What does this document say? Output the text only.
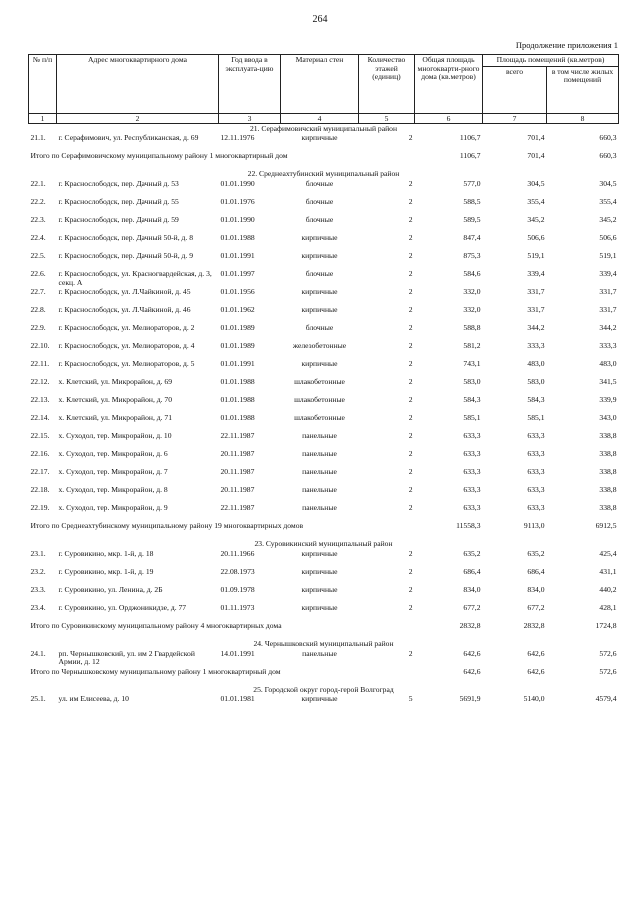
264
Продолжение приложения 1
№ п/п	Адрес многоквартирного дома	Год ввода в эксплуата-цию	Материал стен	Количество этажей (единиц)	Общая площадь многокварти-рного дома (кв.метров)	Площадь помещений (кв.метров)	
						всего	в том числе жилых помещений
1	2	3	4	5	6	7	8
21. Серафимовичский муниципальный район							
21.1.	г. Серафимович, ул. Республиканская, д. 69	12.11.1976	кирпичные	2	1106,7	701,4	660,3
Итого по Серафимовичскому муниципальному району 1 многоквартирный дом					1106,7	701,4	660,3
22. Среднеахтубинский муниципальный район							
22.1.	г. Краснослободск, пер. Дачный д. 53	01.01.1990	блочные	2	577,0	304,5	304,5
22.2.	г. Краснослободск, пер. Дачный д. 55	01.01.1976	блочные	2	588,5	355,4	355,4
22.3.	г. Краснослободск, пер. Дачный д. 59	01.01.1990	блочные	2	589,5	345,2	345,2
22.4.	г. Краснослободск, пер. Дачный 50-й, д. 8	01.01.1988	кирпичные	2	847,4	506,6	506,6
22.5.	г. Краснослободск, пер. Дачный 50-й, д. 9	01.01.1991	кирпичные	2	875,3	519,1	519,1
22.6.	г. Краснослободск, ул. Красногвардейская, д. 3, секц. А	01.01.1997	блочные	2	584,6	339,4	339,4
22.7.	г. Краснослободск, ул. Л.Чайкиной, д. 45	01.01.1956	кирпичные	2	332,0	331,7	331,7
22.8.	г. Краснослободск, ул. Л.Чайкиной, д. 46	01.01.1962	кирпичные	2	332,0	331,7	331,7
22.9.	г. Краснослободск, ул. Мелиораторов, д. 2	01.01.1989	блочные	2	588,8	344,2	344,2
22.10.	г. Краснослободск, ул. Мелиораторов, д. 4	01.01.1989	железобетонные	2	581,2	333,3	333,3
22.11.	г. Краснослободск, ул. Мелиораторов, д. 5	01.01.1991	кирпичные	2	743,1	483,0	483,0
22.12.	х. Клетский, ул. Микрорайон, д. 69	01.01.1988	шлакобетонные	2	583,0	583,0	341,5
22.13.	х. Клетский, ул. Микрорайон, д. 70	01.01.1988	шлакобетонные	2	584,3	584,3	339,9
22.14.	х. Клетский, ул. Микрорайон, д. 71	01.01.1988	шлакобетонные	2	585,1	585,1	343,0
22.15.	х. Суходол, тер. Микрорайон, д. 10	22.11.1987	панельные	2	633,3	633,3	338,8
22.16.	х. Суходол, тер. Микрорайон, д. 6	20.11.1987	панельные	2	633,3	633,3	338,8
22.17.	х. Суходол, тер. Микрорайон, д. 7	20.11.1987	панельные	2	633,3	633,3	338,8
22.18.	х. Суходол, тер. Микрорайон, д. 8	20.11.1987	панельные	2	633,3	633,3	338,8
22.19.	х. Суходол, тер. Микрорайон, д. 9	22.11.1987	панельные	2	633,3	633,3	338,8
Итого по Среднеахтубинскому муниципальному району 19 многоквартирных домов					11558,3	9113,0	6912,5
23. Суровикинский муниципальный район							
23.1.	г. Суровикино, мкр. 1-й, д. 18	20.11.1966	кирпичные	2	635,2	635,2	425,4
23.2.	г. Суровикино, мкр. 1-й, д. 19	22.08.1973	кирпичные	2	686,4	686,4	431,1
23.3.	г. Суровикино, ул. Ленина, д. 2Б	01.09.1978	кирпичные	2	834,0	834,0	440,2
23.4.	г. Суровикино, ул. Орджоникидзе, д. 77	01.11.1973	кирпичные	2	677,2	677,2	428,1
Итого по Суровикинскому муниципальному району 4 многоквартирных дома					2832,8	2832,8	1724,8
24. Чернышковский муниципальный район							
24.1.	рп. Чернышковский, ул. им 2 Гвардейской Армии, д. 12	14.01.1991	панельные	2	642,6	642,6	572,6
Итого по Чернышковскому муниципальному району 1 многоквартирный дом					642,6	642,6	572,6
25. Городской округ город-герой Волгоград							
25.1.	ул. им Елисеева, д. 10	01.01.1981	кирпичные	5	5691,9	5140,0	4579,4
